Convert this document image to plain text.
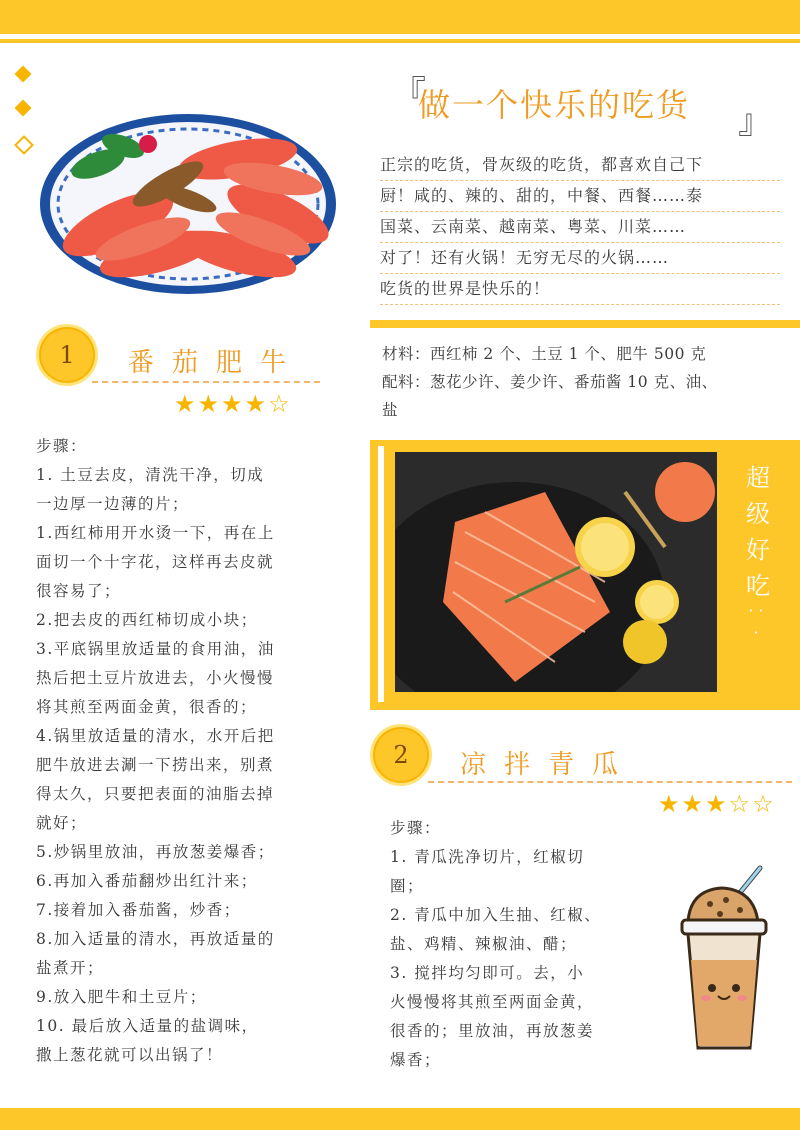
『
做一个快乐的吃货 』
正宗的吃货，骨灰级的吃货，都喜欢自己下
厨！咸的、辣的、甜的，中餐、西餐……泰
国菜、云南菜、越南菜、粤菜、川菜……
对了！还有火锅！无穷无尽的火锅……
吃货的世界是快乐的！
1 番茄肥牛
★★★★☆
材料：西红柿 2 个、土豆 1 个、肥牛 500 克
配料：葱花少许、姜少许、番茄酱 10 克、油、
盐
步骤：
1. 土豆去皮，清洗干净，切成
一边厚一边薄的片；
1.西红柿用开水烫一下，再在上
面切一个十字花，这样再去皮就
很容易了；
2.把去皮的西红柿切成小块；
3.平底锅里放适量的食用油，油
热后把土豆片放进去，小火慢慢
将其煎至两面金黄，很香的；
4.锅里放适量的清水，水开后把
肥牛放进去涮一下捞出来，别煮
得太久，只要把表面的油脂去掉
就好；
5.炒锅里放油，再放葱姜爆香；
6.再加入番茄翻炒出红汁来；
7.接着加入番茄酱，炒香；
8.加入适量的清水，再放适量的
盐煮开；
9.放入肥牛和土豆片；
10. 最后放入适量的盐调味，
撒上葱花就可以出锅了！
超
级
好
吃
· · ·
2 凉拌青瓜
★★★☆☆
步骤：
1. 青瓜洗净切片，红椒切
圈；
2. 青瓜中加入生抽、红椒、
盐、鸡精、辣椒油、醋；
3. 搅拌均匀即可。去，小
火慢慢将其煎至两面金黄，
很香的；里放油，再放葱姜
爆香；
